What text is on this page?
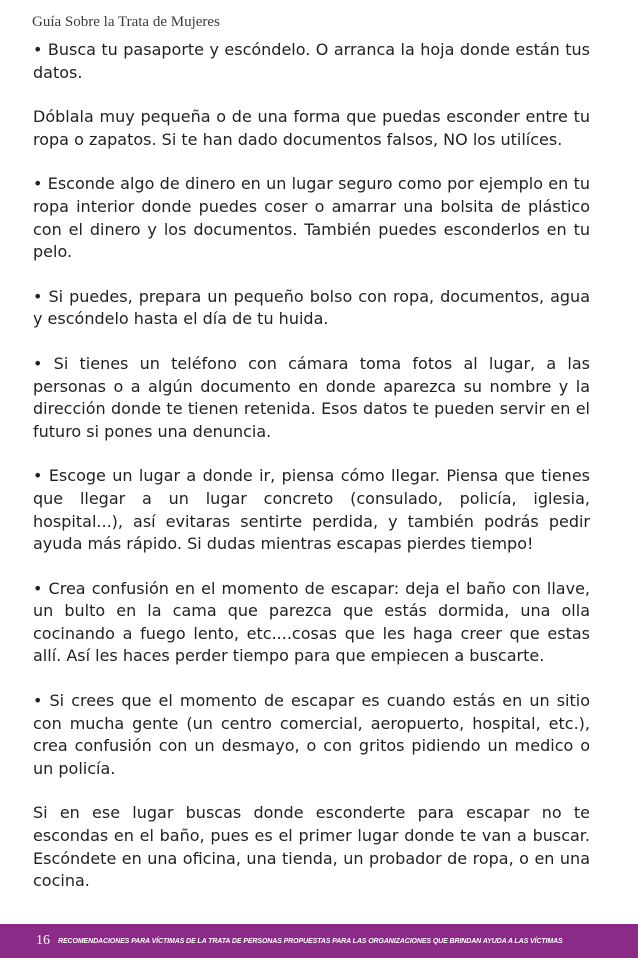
Guía Sobre la Trata de Mujeres

• Busca tu pasaporte y escóndelo. O arranca la hoja donde están tus datos.

Dóblala muy pequeña o de una forma que puedas esconder entre tu ropa o zapatos. Si te han dado documentos falsos, NO los utilíces.

• Esconde algo de dinero en un lugar seguro como por ejemplo en tu ropa interior donde puedes coser o amarrar una bolsita de plástico con el dinero y los documentos. También puedes esconderlos en tu pelo.

• Si puedes, prepara un pequeño bolso con ropa, documentos, agua y escóndelo hasta el día de tu huida.

• Si tienes un teléfono con cámara toma fotos al lugar, a las personas o a algún documento en donde aparezca su nombre y la dirección donde te tienen retenida. Esos datos te pueden servir en el futuro si pones una denuncia.

• Escoge un lugar a donde ir, piensa cómo llegar. Piensa que tienes que llegar a un lugar concreto (consulado, policía, iglesia, hospital...), así evitaras sentirte perdida, y también podrás pedir ayuda más rápido. Si dudas mientras escapas pierdes tiempo!

• Crea confusión en el momento de escapar: deja el baño con llave, un bulto en la cama que parezca que estás dormida, una olla cocinando a fuego lento, etc....cosas que les haga creer que estas allí. Así les haces perder tiempo para que empiecen a buscarte.

• Si crees que el momento de escapar es cuando estás en un sitio con mucha gente (un centro comercial, aeropuerto, hospital, etc.), crea confusión con un desmayo, o con gritos pidiendo un medico o un policía.

Si en ese lugar buscas donde esconderte para escapar no te escondas en el baño, pues es el primer lugar donde te van a buscar. Escóndete en una oficina, una tienda, un probador de ropa, o en una cocina.

16 RECOMENDACIONES PARA VÍCTIMAS DE LA TRATA DE PERSONAS PROPUESTAS PARA LAS ORGANIZACIONES QUE BRINDAN AYUDA A LAS VÍCTIMAS
